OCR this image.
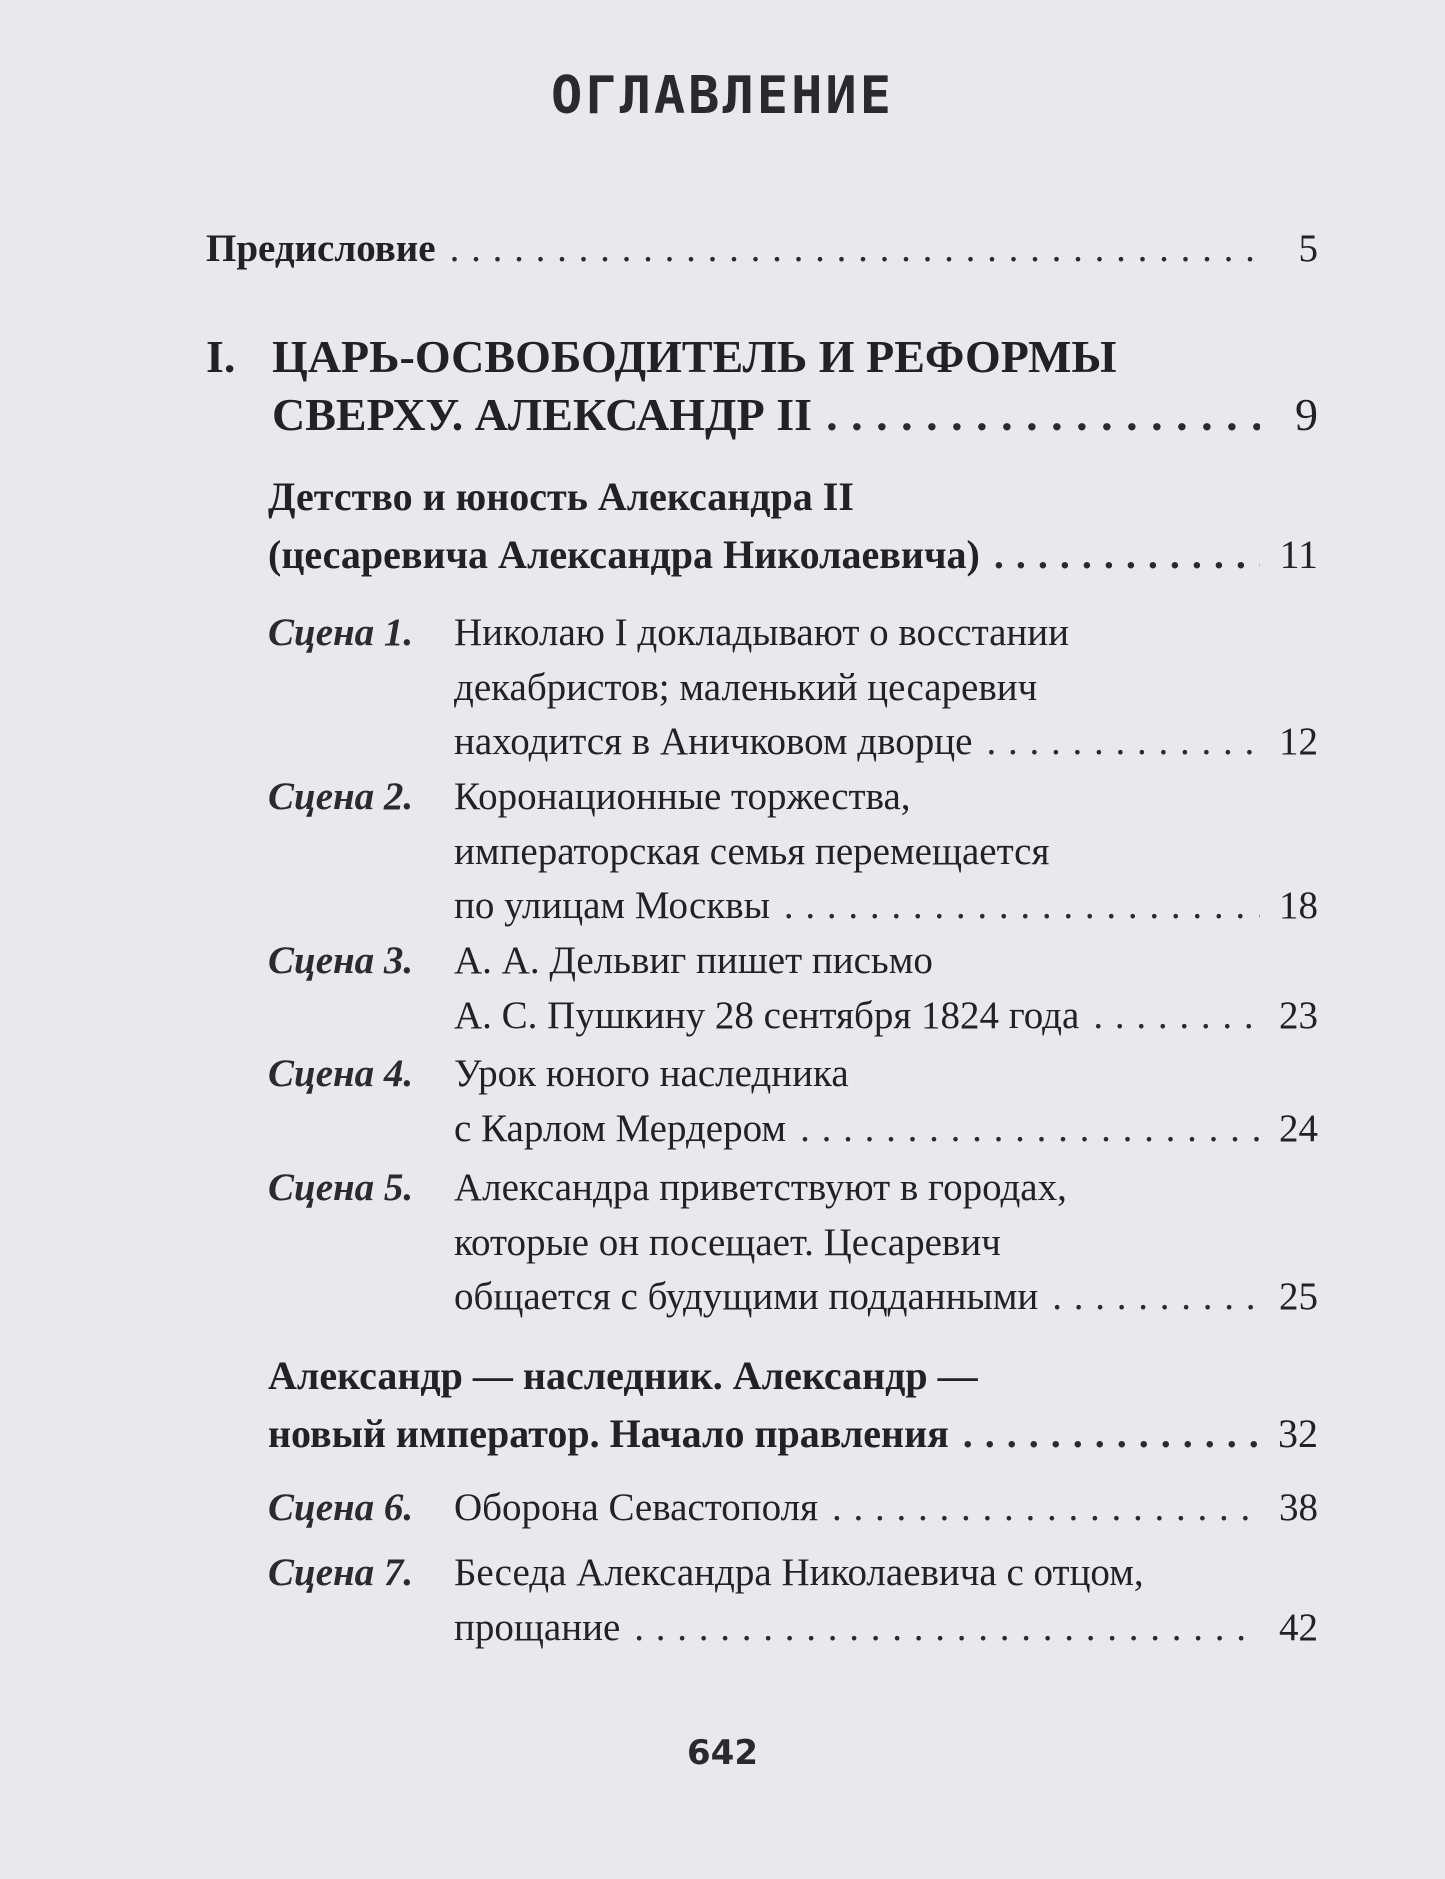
ОГЛАВЛЕНИЕ
Предисловие . . .	5
I. ЦАРЬ-ОСВОБОДИТЕЛЬ И РЕФОРМЫ
СВЕРХУ. АЛЕКСАНДР II . . .	9
Детство и юность Александра II
(цесаревича Александра Николаевича) . . .	11
Сцена 1.	Николаю I докладывают о восстании
декабристов; маленький цесаревич
находится в Аничковом дворце . . .	12
Сцена 2.	Коронационные торжества,
императорская семья перемещается
по улицам Москвы . . .	18
Сцена 3.	А. А. Дельвиг пишет письмо
А. С. Пушкину 28 сентября 1824 года . . .	23
Сцена 4.	Урок юного наследника
с Карлом Мердером . . .	24
Сцена 5.	Александра приветствуют в городах,
которые он посещает. Цесаревич
общается с будущими подданными . . .	25
Александр — наследник. Александр —
новый император. Начало правления . . .	32
Сцена 6.	Оборона Севастополя . . .	38
Сцена 7.	Беседа Александра Николаевича с отцом,
прощание . . .	42
642
